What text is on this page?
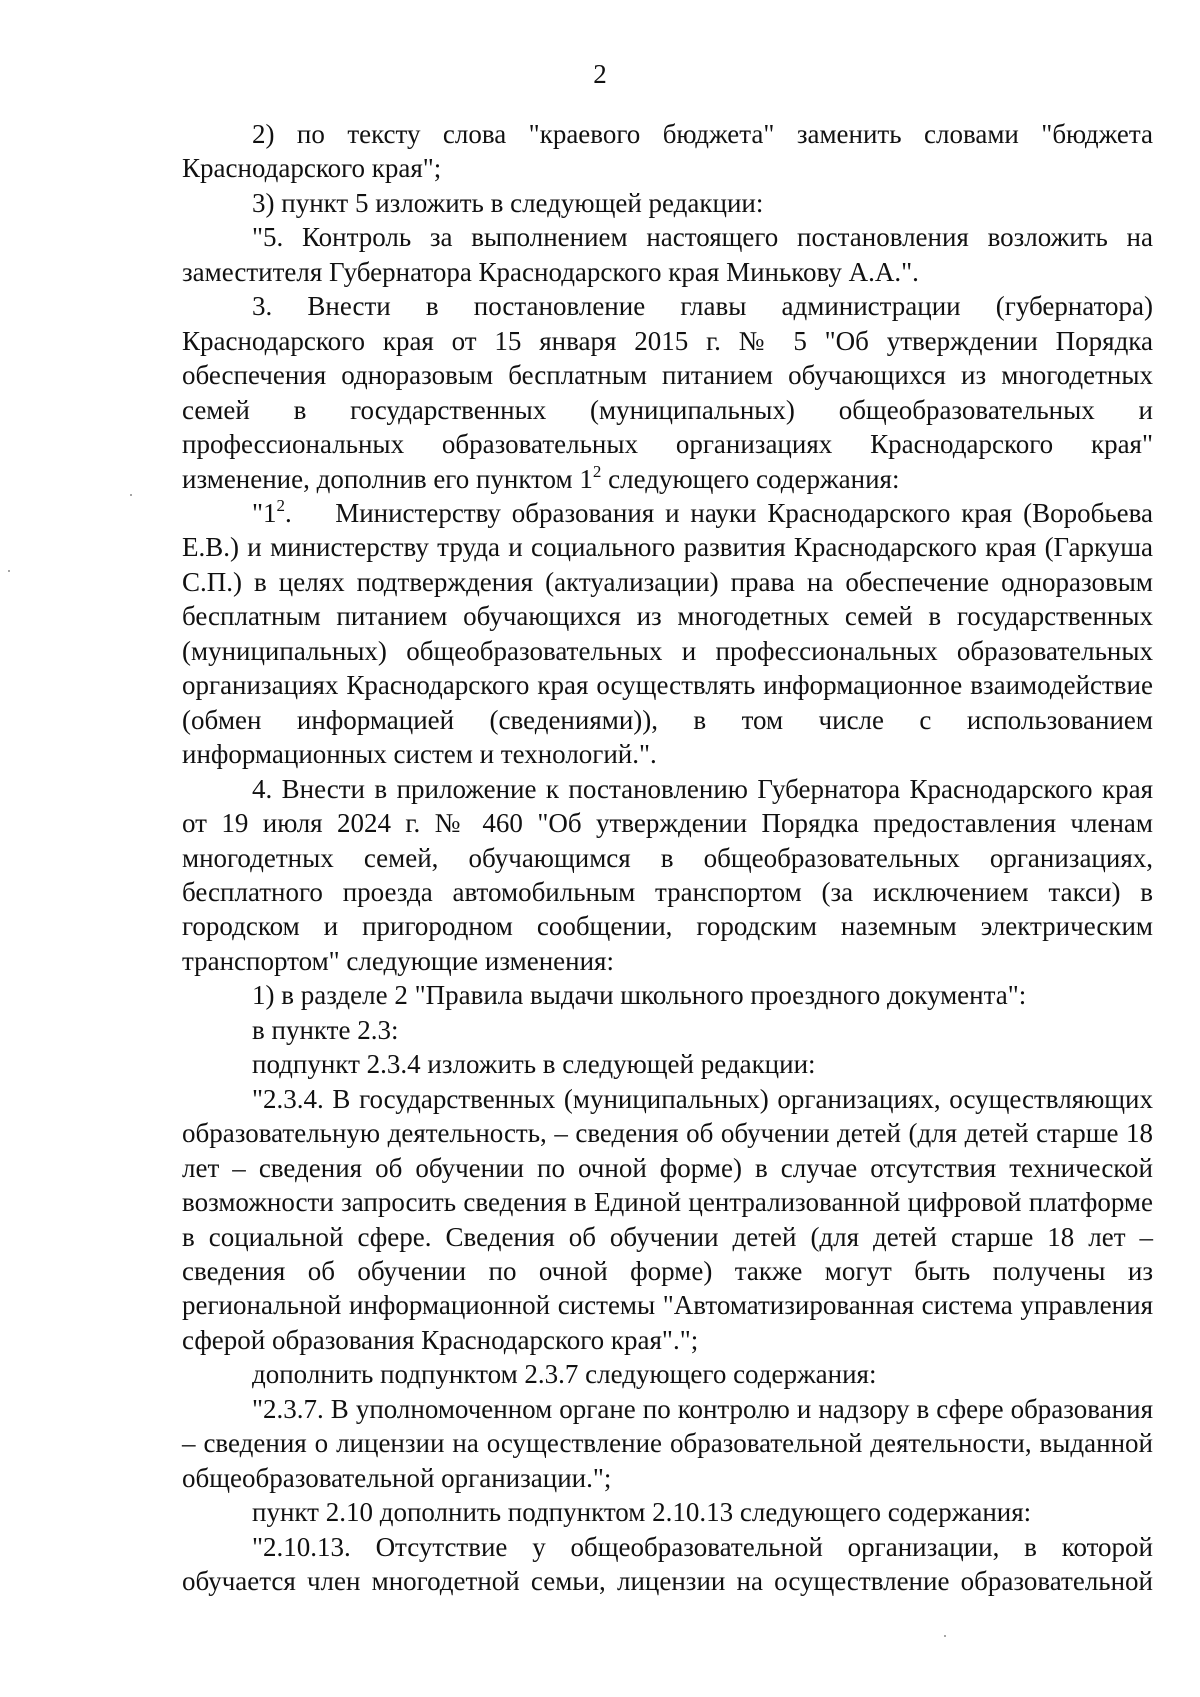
2

2) по тексту слова "краевого бюджета" заменить словами "бюджета Краснодарского края";

3) пункт 5 изложить в следующей редакции:

"5. Контроль за выполнением настоящего постановления возложить на заместителя Губернатора Краснодарского края Минькову А.А.".

3. Внести в постановление главы администрации (губернатора) Краснодарского края от 15 января 2015 г. № 5 "Об утверждении Порядка обеспечения одноразовым бесплатным питанием обучающихся из многодетных семей в государственных (муниципальных) общеобразовательных и профессиональных образовательных организациях Краснодарского края" изменение, дополнив его пунктом $1^2$ следующего содержания:

"$1^2$. Министерству образования и науки Краснодарского края (Воробьева Е.В.) и министерству труда и социального развития Краснодарского края (Гаркуша С.П.) в целях подтверждения (актуализации) права на обеспечение одноразовым бесплатным питанием обучающихся из многодетных семей в государственных (муниципальных) общеобразовательных и профессиональных образовательных организациях Краснодарского края осуществлять информационное взаимодействие (обмен информацией (сведениями)), в том числе с использованием информационных систем и технологий.".

4. Внести в приложение к постановлению Губернатора Краснодарского края от 19 июля 2024 г. № 460 "Об утверждении Порядка предоставления членам многодетных семей, обучающимся в общеобразовательных организациях, бесплатного проезда автомобильным транспортом (за исключением такси) в городском и пригородном сообщении, городским наземным электрическим транспортом" следующие изменения:

1) в разделе 2 "Правила выдачи школьного проездного документа":

в пункте 2.3:

подпункт 2.3.4 изложить в следующей редакции:

"2.3.4. В государственных (муниципальных) организациях, осуществляющих образовательную деятельность, – сведения об обучении детей (для детей старше 18 лет – сведения об обучении по очной форме) в случае отсутствия технической возможности запросить сведения в Единой централизованной цифровой платформе в социальной сфере. Сведения об обучении детей (для детей старше 18 лет – сведения об обучении по очной форме) также могут быть получены из региональной информационной системы "Автоматизированная система управления сферой образования Краснодарского края".";

дополнить подпунктом 2.3.7 следующего содержания:

"2.3.7. В уполномоченном органе по контролю и надзору в сфере образования – сведения о лицензии на осуществление образовательной деятельности, выданной общеобразовательной организации.";

пункт 2.10 дополнить подпунктом 2.10.13 следующего содержания:

"2.10.13. Отсутствие у общеобразовательной организации, в которой обучается член многодетной семьи, лицензии на осуществление образовательной
